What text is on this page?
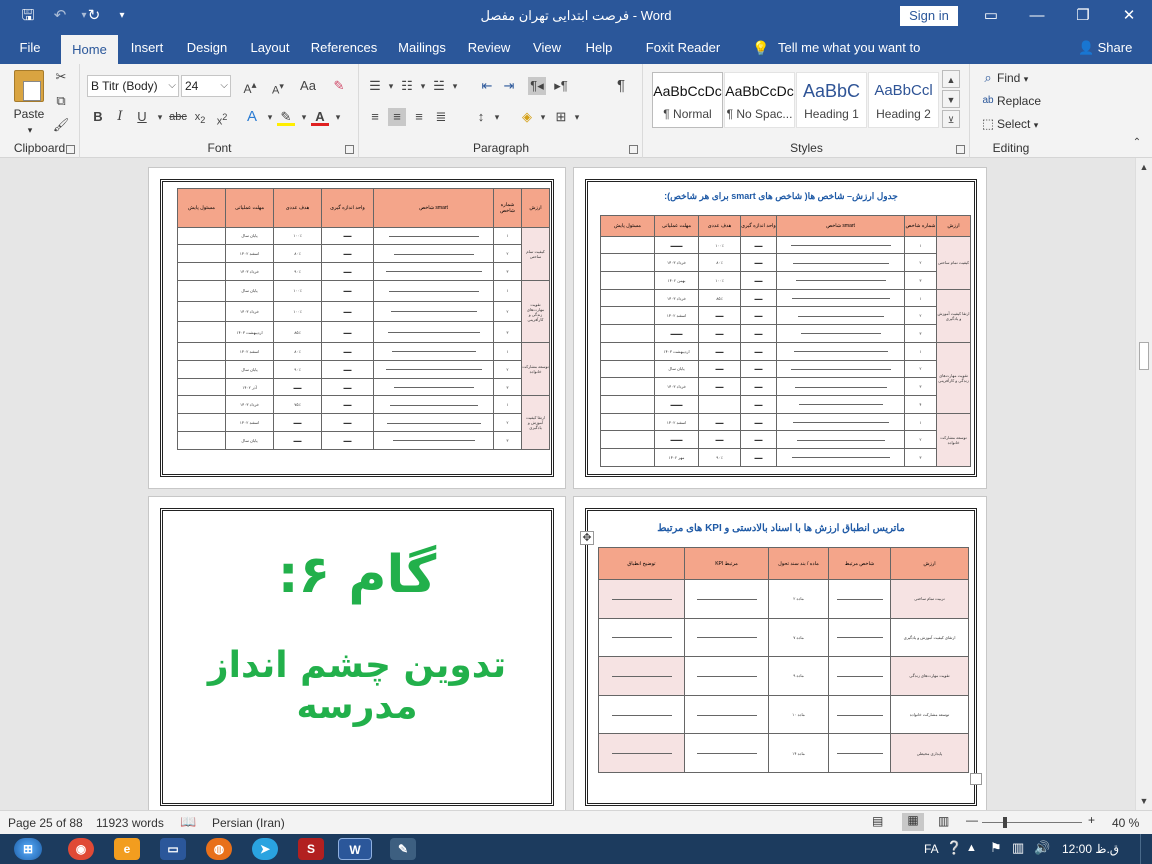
🖫	↶	▾ ↻	▾	فرصت ابتدایی تهران مفصل - Word	Sign in	▭	—	❐	✕
File	Home	Insert	Design	Layout	References	Mailings	Review	View	Help	Foxit Reader	💡 Tell me what you want to	👤 Share
Paste
▾
✂
⧉
🖌
Clipboard
B Titr (Body) ⌵ 24 ⌵	A▴	A▾	Aa	✎
B	I	U	▾ abc $x_2$	$x^2$ A	▾ ✎	▾ A	▾
Font
☰ ▾ ☷ ▾ ☱ ▾	⇤ ⇥ ¶◂ ▸¶	¶
≡	≡	≡ ≣	↕	▾	◈ ▾ ⊞ ▾
Paragraph
AaBbCcDc
¶ Normal
AaBbCcDc
¶ No Spac...
AaBbC
Heading 1
AaBbCcl
Heading 2
▲
▼
⊻
Styles
⌕ Find ▾
ab Replace
⬚ Select ▾
Editing	⌃
مسئول پایش	مهلت عملیاتی	هدف عددی	واحد اندازه گیری	شاخص smart	شماره شاخص	ارزش
	پایان سال	۱۰۰٪	▬▬		۱	کیفیت تمام ساحتی
	اسفند ۱۴۰۲	۸۰٪	▬▬		۲	
	خرداد ۱۴۰۳	۹۰٪	▬▬		۳	
	پایان سال	۱۰۰٪	▬▬		۱	تقویت مهارت‌های زندگی و کارآفرینی
	خرداد ۱۴۰۳	۱۰۰٪	▬▬		۲	
	اردیبهشت ۱۴۰۳	۸۵٪	▬▬		۳	
	اسفند ۱۴۰۲	۸۰٪	▬▬		۱	توسعه مشارکت خانواده
	پایان سال	۹۰٪	▬▬		۲	
	آذر ۱۴۰۲	▬▬	▬▬		۳	
	خرداد ۱۴۰۳	۷۵٪	▬▬		۱	ارتقا کیفیت آموزش و یادگیری
	اسفند ۱۴۰۲	▬▬	▬▬		۲	
	پایان سال	▬▬	▬▬		۳	
جدول ارزش– شاخص ها( شاخص های smart برای هر شاخص):
مسئول پایش	مهلت عملیاتی	هدف عددی	واحد اندازه گیری	شاخص smart	شماره شاخص	ارزش
	▬▬▬	۱۰۰٪	▬▬		۱	کیفیت تمام ساحتی
	خرداد ۱۴۰۳	۸۰٪	▬▬		۲	
	بهمن ۱۴۰۲	۱۰۰٪	▬▬		۳	
	خرداد ۱۴۰۳	۸۵٪	▬▬		۱	ارتقا کیفیت آموزش و یادگیری
	اسفند ۱۴۰۲	▬▬	▬▬		۲	
	▬▬▬	▬▬	▬▬		۳	
	اردیبهشت ۱۴۰۳	▬▬	▬▬		۱	تقویت مهارت‌های زندگی و کارآفرینی
	پایان سال	▬▬	▬▬		۲	
	خرداد ۱۴۰۳	▬▬	▬▬		۳	
	▬▬▬		▬▬		۴	
	اسفند ۱۴۰۲	▬▬	▬▬		۱	توسعه مشارکت خانواده
	▬▬▬	▬▬	▬▬		۲	
	مهر ۱۴۰۲	۹۰٪	▬▬		۳	
گام ۶:
تدوین چشم انداز مدرسه
✥
ماتریس انطباق ارزش ها با اسناد بالادستی و KPI های مرتبط
توضیح انطباق	KPI مرتبط	ماده / بند سند تحول	شاخص مرتبط	ارزش
		ماده ۲		تربیت تمام ساحتی
		ماده ۷		ارتقای کیفیت آموزش و یادگیری
		ماده ۹		تقویت مهارت‌های زندگی
		ماده ۱۰		توسعه مشارکت خانواده
		ماده ۱۴		پایداری محیطی
▲
▼
Page 25 of 88 11923 words 📖 Persian (Iran)	▤	▦	▥ —	+ 40 %
⊞	◉	e	▭	◍	➤	S	W	✎	FA ❔ ▲ ⚑ ▥ 🔊 ق.ظ 12:00
